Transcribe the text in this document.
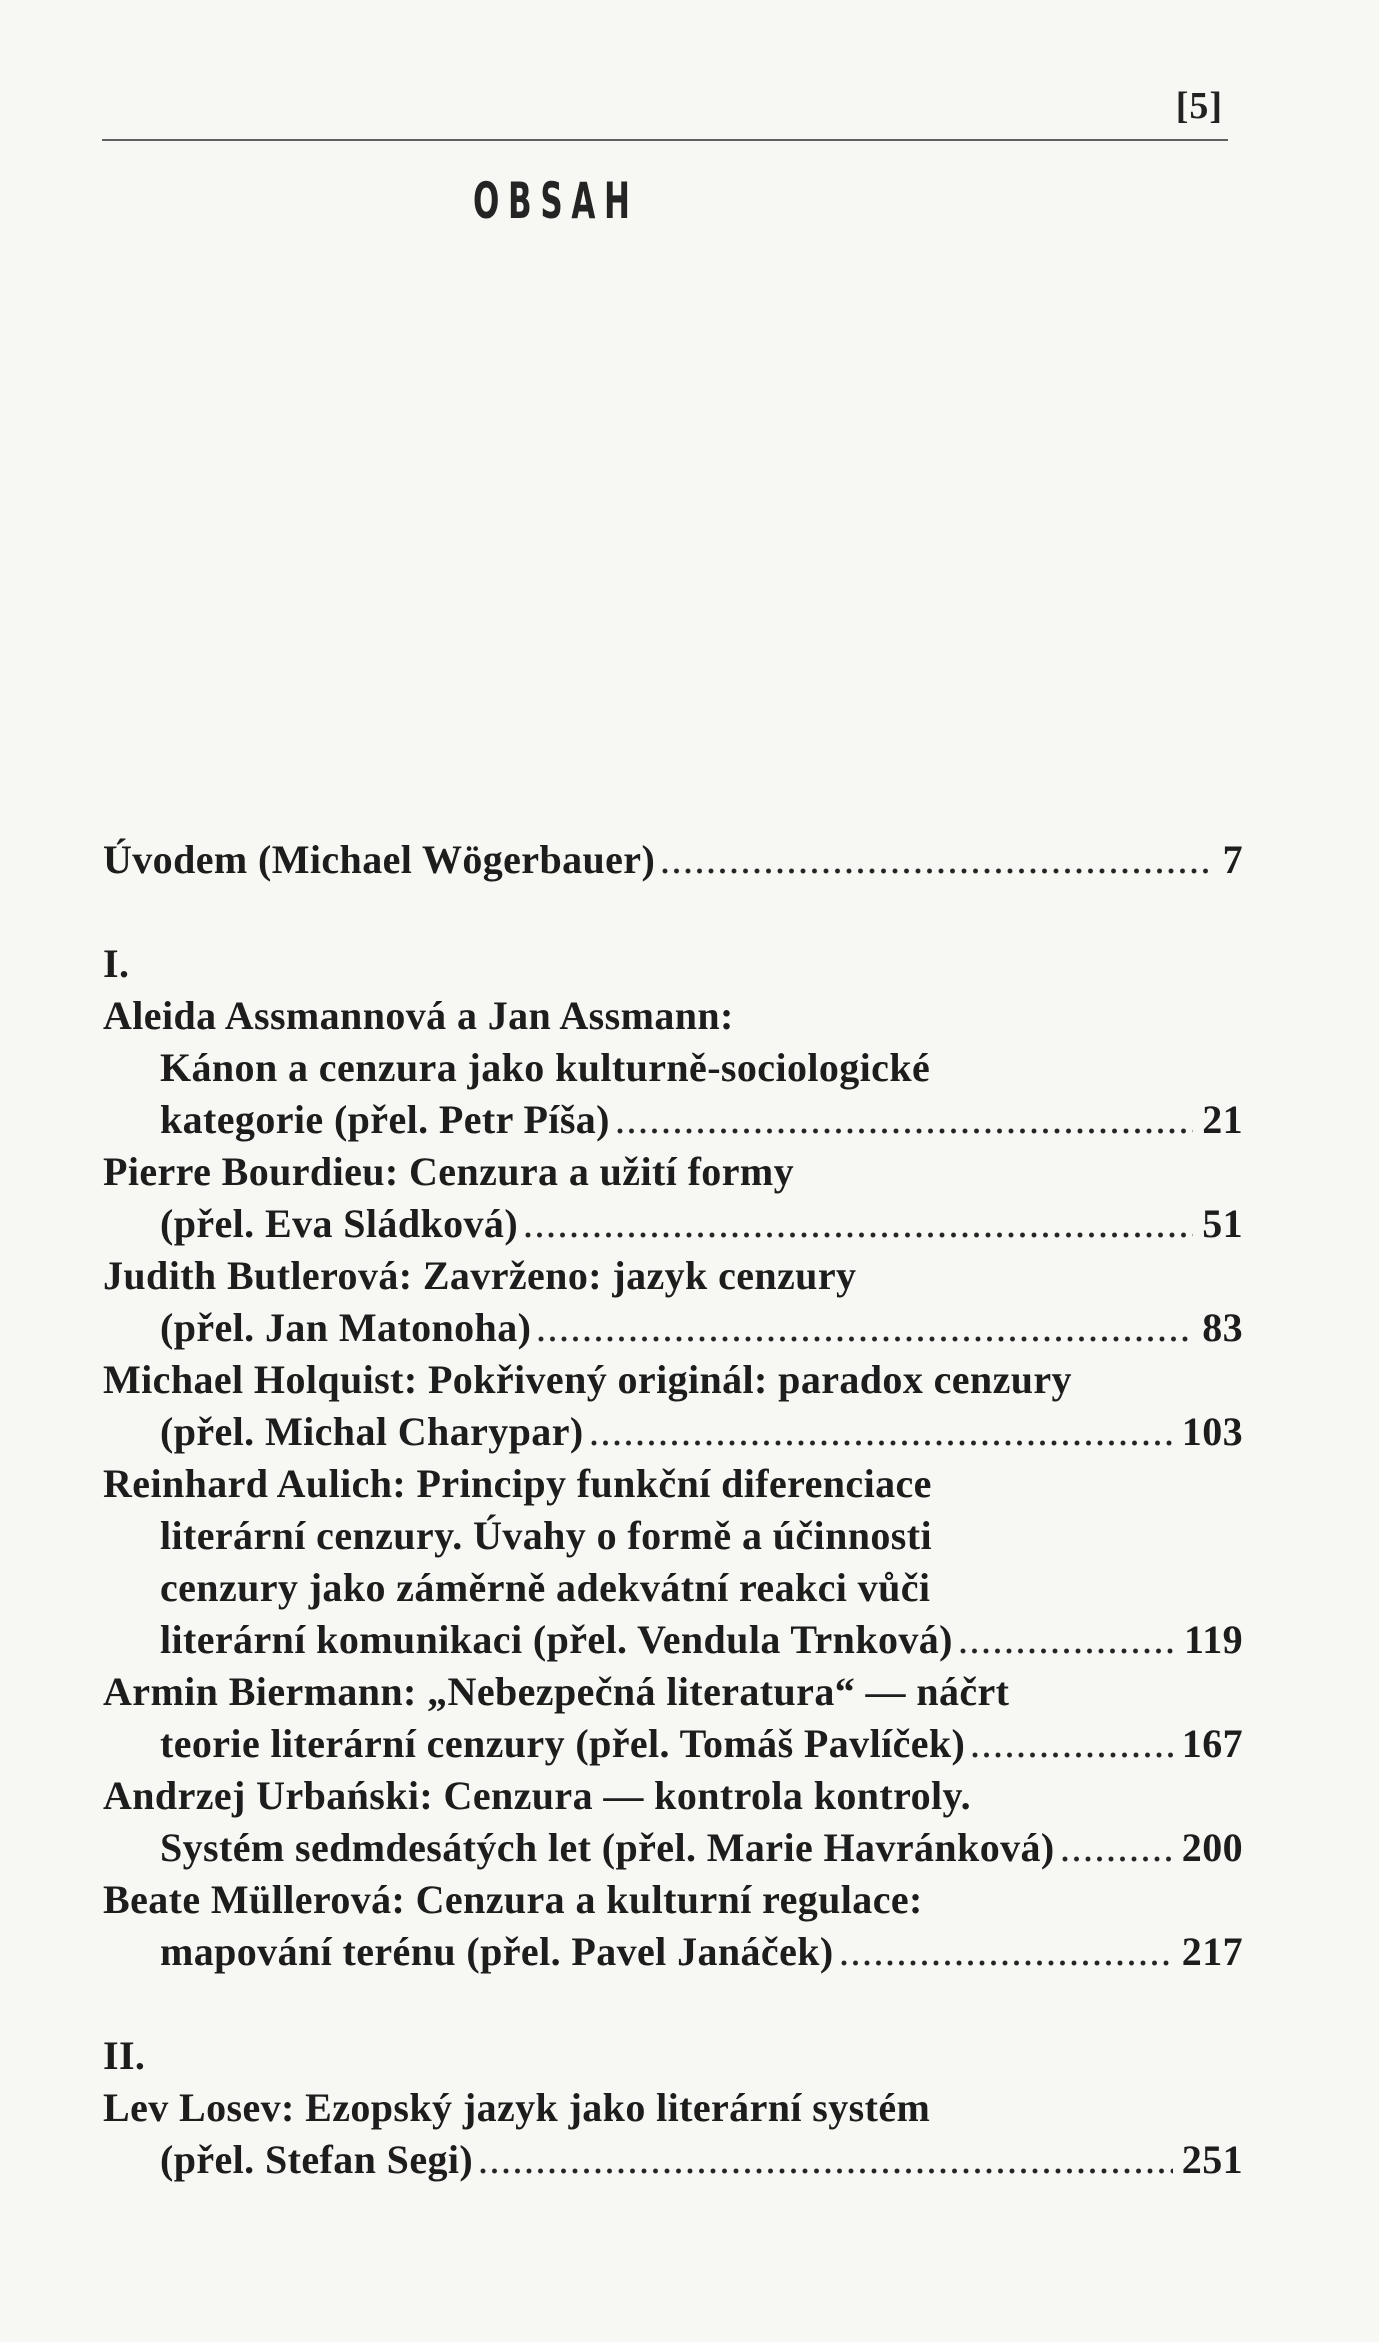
[5]
OBSAH
Úvodem (Michael Wögerbauer)	7
I.
Aleida Assmannová a Jan Assmann:
Kánon a cenzura jako kulturně-sociologické
kategorie (přel. Petr Píša)	21
Pierre Bourdieu: Cenzura a užití formy
(přel. Eva Sládková)	51
Judith Butlerová: Zavrženo: jazyk cenzury
(přel. Jan Matonoha)	83
Michael Holquist: Pokřivený originál: paradox cenzury
(přel. Michal Charypar)	103
Reinhard Aulich: Principy funkční diferenciace
literární cenzury. Úvahy o formě a účinnosti
cenzury jako záměrně adekvátní reakci vůči
literární komunikaci (přel. Vendula Trnková)	119
Armin Biermann: „Nebezpečná literatura“ — náčrt
teorie literární cenzury (přel. Tomáš Pavlíček)	167
Andrzej Urbański: Cenzura — kontrola kontroly.
Systém sedmdesátých let (přel. Marie Havránková)	200
Beate Müllerová: Cenzura a kulturní regulace:
mapování terénu (přel. Pavel Janáček)	217
II.
Lev Losev: Ezopský jazyk jako literární systém
(přel. Stefan Segi)	251
